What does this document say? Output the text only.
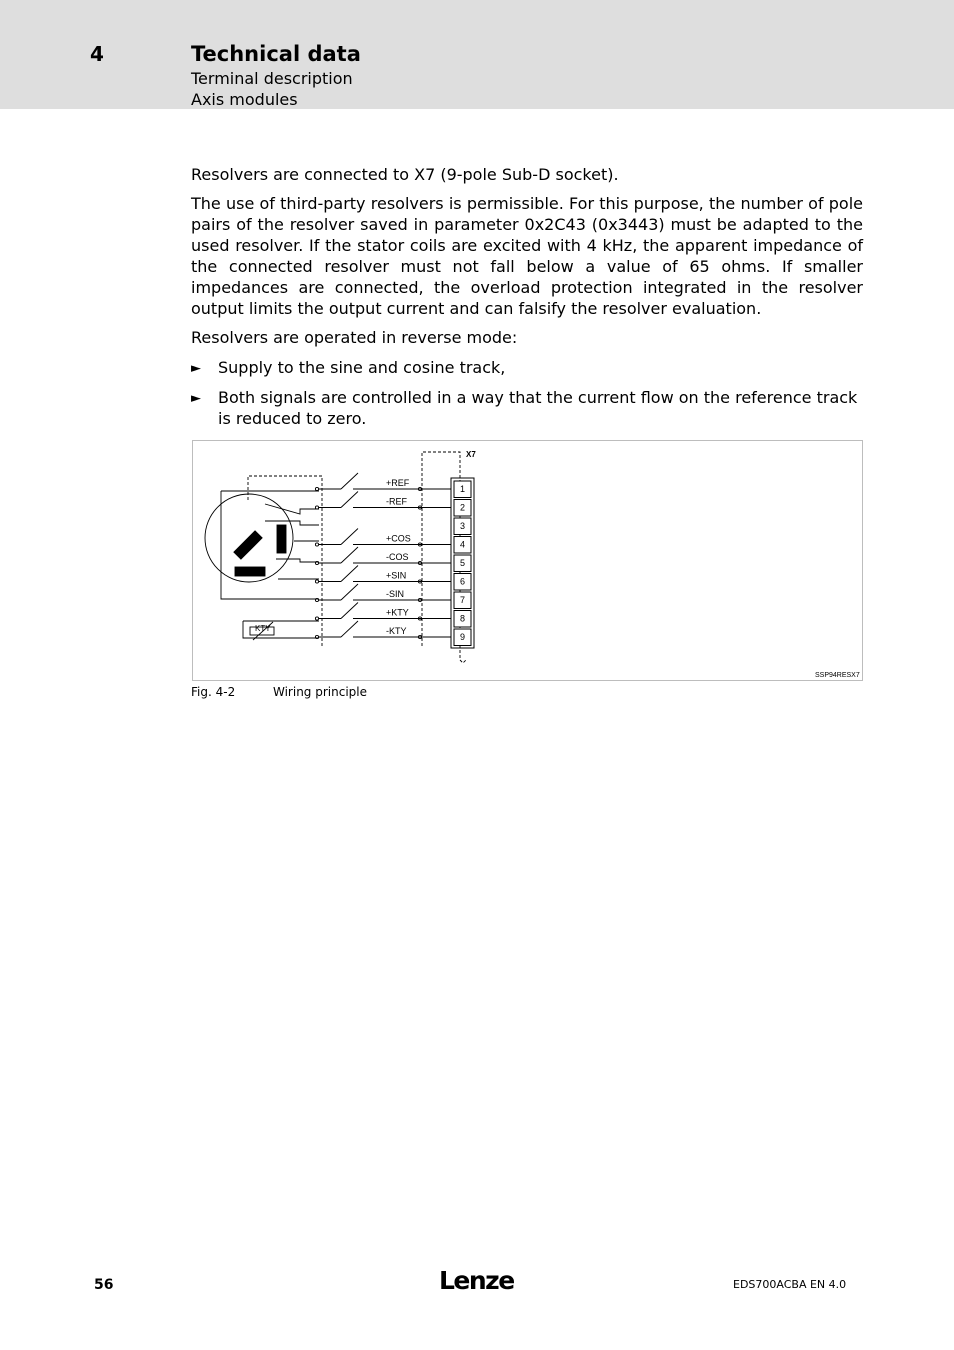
4	Technical data
Terminal description
Axis modules
Resolvers are connected to X7 (9-pole Sub-D socket).
The use of third-party resolvers is permissible. For this purpose, the number of pole pairs of the resolver saved in parameter 0x2C43 (0x3443) must be adapted to the used resolver. If the stator coils are excited with 4 kHz, the apparent impedance of the connected resolver must not fall below a value of 65 ohms. If smaller impedances are connected, the overload protection integrated in the resolver output limits the output current and can falsify the resolver evaluation.
Resolvers are operated in reverse mode:
► Supply to the sine and cosine track,
► Both signals are controlled in a way that the current flow on the reference track is reduced to zero.
KTY
+REF
-REF
+COS
-COS
+SIN
-SIN
+KTY
-KTY
1
2
3
4
5
6
7
8
9
X7
SSP94RESX7
Fig. 4-2	Wiring principle
56	Lenze	EDS700ACBA EN 4.0
